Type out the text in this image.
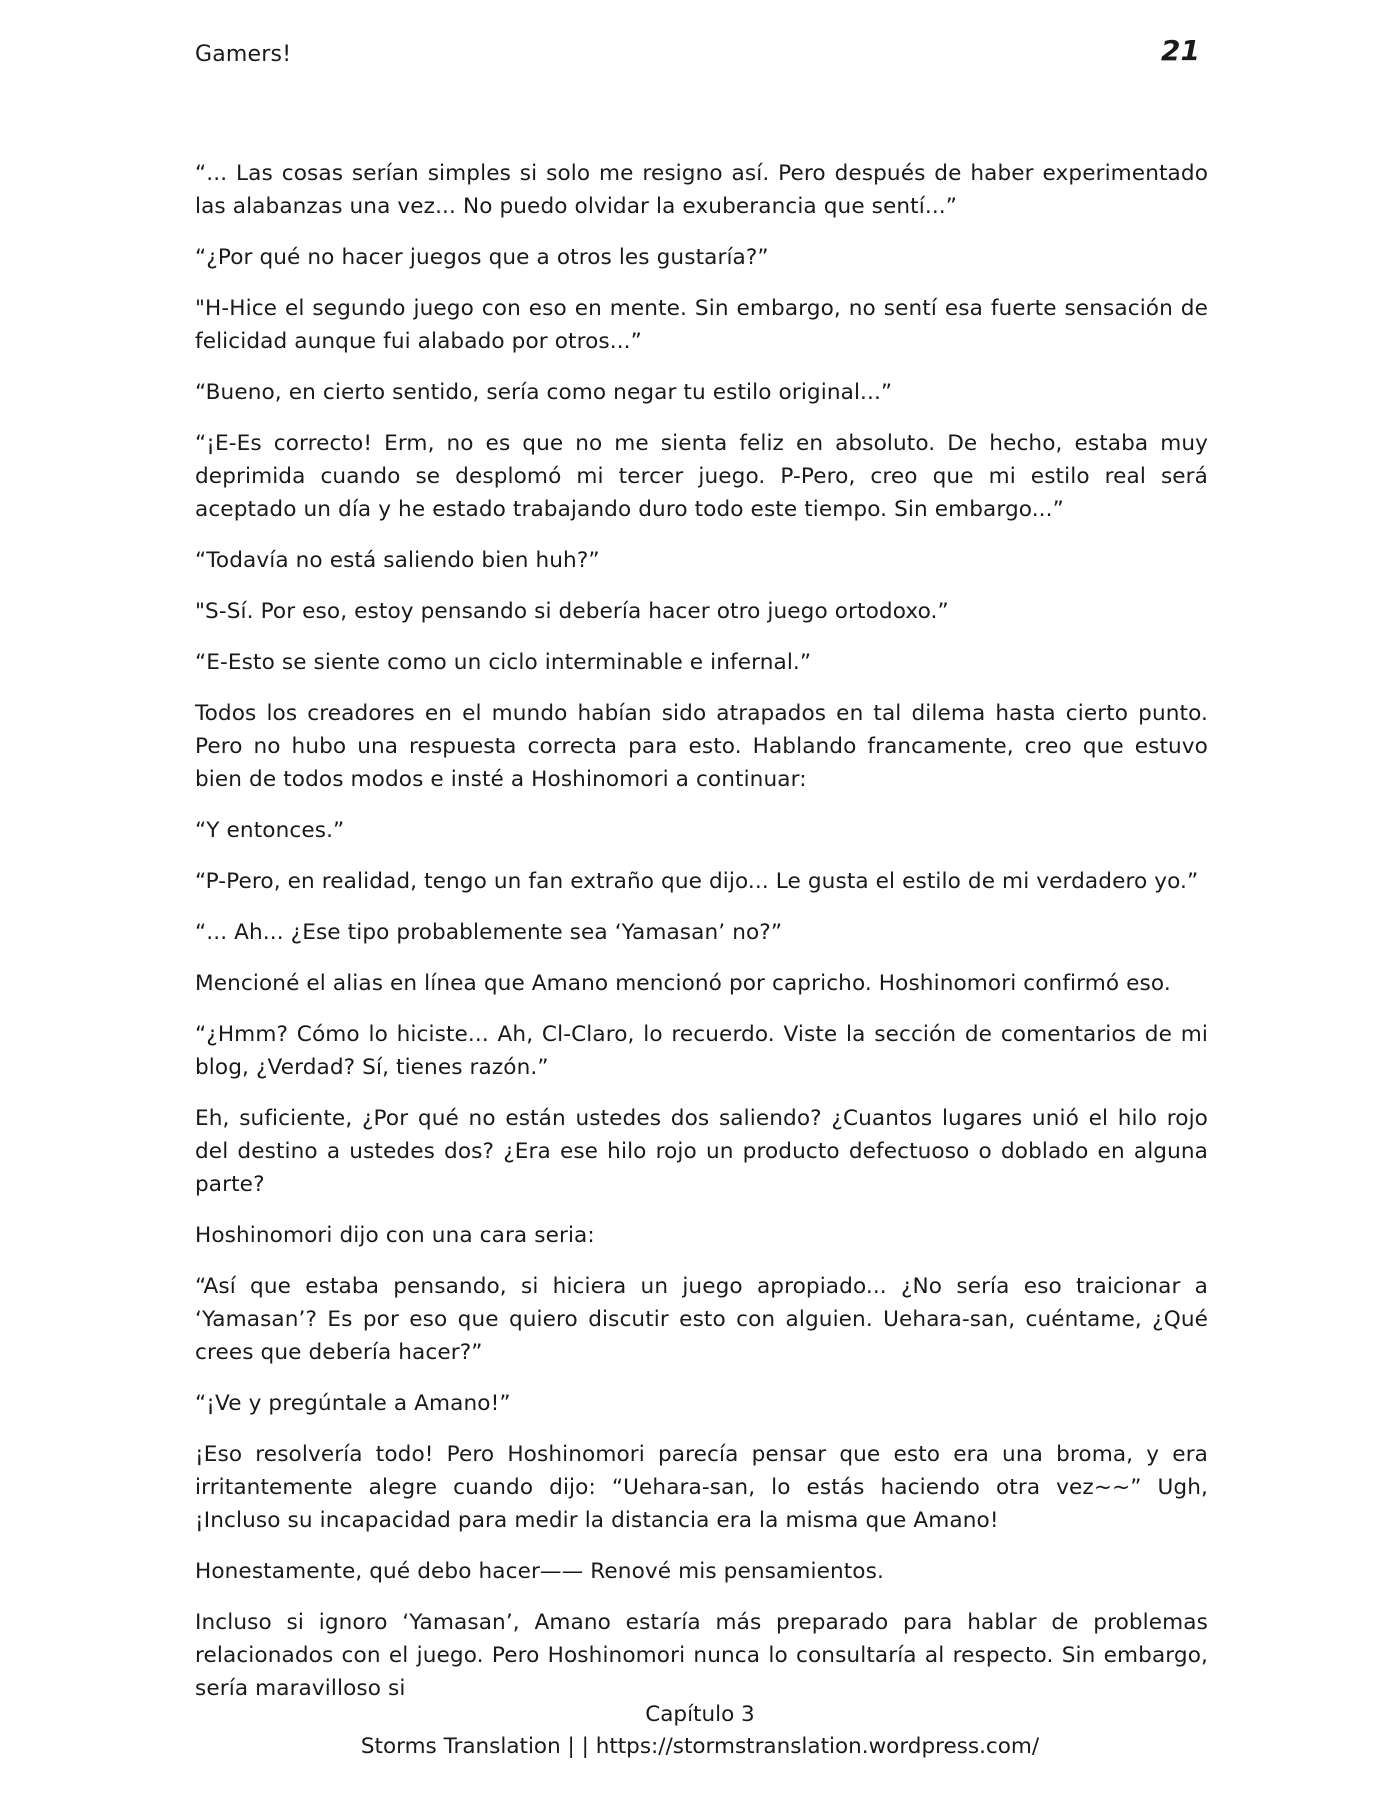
Gamers!	21

“... Las cosas serían simples si solo me resigno así. Pero después de haber experimentado las alabanzas una vez... No puedo olvidar la exuberancia que sentí...”

“¿Por qué no hacer juegos que a otros les gustaría?”

"H-Hice el segundo juego con eso en mente. Sin embargo, no sentí esa fuerte sensación de felicidad aunque fui alabado por otros...”

“Bueno, en cierto sentido, sería como negar tu estilo original...”

“¡E-Es correcto! Erm, no es que no me sienta feliz en absoluto. De hecho, estaba muy deprimida cuando se desplomó mi tercer juego. P-Pero, creo que mi estilo real será aceptado un día y he estado trabajando duro todo este tiempo. Sin embargo...”

“Todavía no está saliendo bien huh?”

"S-Sí. Por eso, estoy pensando si debería hacer otro juego ortodoxo.”

“E-Esto se siente como un ciclo interminable e infernal.”

Todos los creadores en el mundo habían sido atrapados en tal dilema hasta cierto punto. Pero no hubo una respuesta correcta para esto. Hablando francamente, creo que estuvo bien de todos modos e insté a Hoshinomori a continuar:

“Y entonces.”

“P-Pero, en realidad, tengo un fan extraño que dijo... Le gusta el estilo de mi verdadero yo.”

“... Ah... ¿Ese tipo probablemente sea ‘Yamasan’ no?”

Mencioné el alias en línea que Amano mencionó por capricho. Hoshinomori confirmó eso.

“¿Hmm? Cómo lo hiciste... Ah, Cl-Claro, lo recuerdo. Viste la sección de comentarios de mi blog, ¿Verdad? Sí, tienes razón.”

Eh, suficiente, ¿Por qué no están ustedes dos saliendo? ¿Cuantos lugares unió el hilo rojo del destino a ustedes dos? ¿Era ese hilo rojo un producto defectuoso o doblado en alguna parte?

Hoshinomori dijo con una cara seria:

“Así que estaba pensando, si hiciera un juego apropiado... ¿No sería eso traicionar a ‘Yamasan’? Es por eso que quiero discutir esto con alguien. Uehara-san, cuéntame, ¿Qué crees que debería hacer?”

“¡Ve y pregúntale a Amano!”

¡Eso resolvería todo! Pero Hoshinomori parecía pensar que esto era una broma, y era irritantemente alegre cuando dijo: “Uehara-san, lo estás haciendo otra vez~~” Ugh, ¡Incluso su incapacidad para medir la distancia era la misma que Amano!

Honestamente, qué debo hacer—— Renové mis pensamientos.

Incluso si ignoro ‘Yamasan’, Amano estaría más preparado para hablar de problemas relacionados con el juego. Pero Hoshinomori nunca lo consultaría al respecto. Sin embargo, sería maravilloso si

Capítulo 3
Storms Translation | | https://stormstranslation.wordpress.com/
